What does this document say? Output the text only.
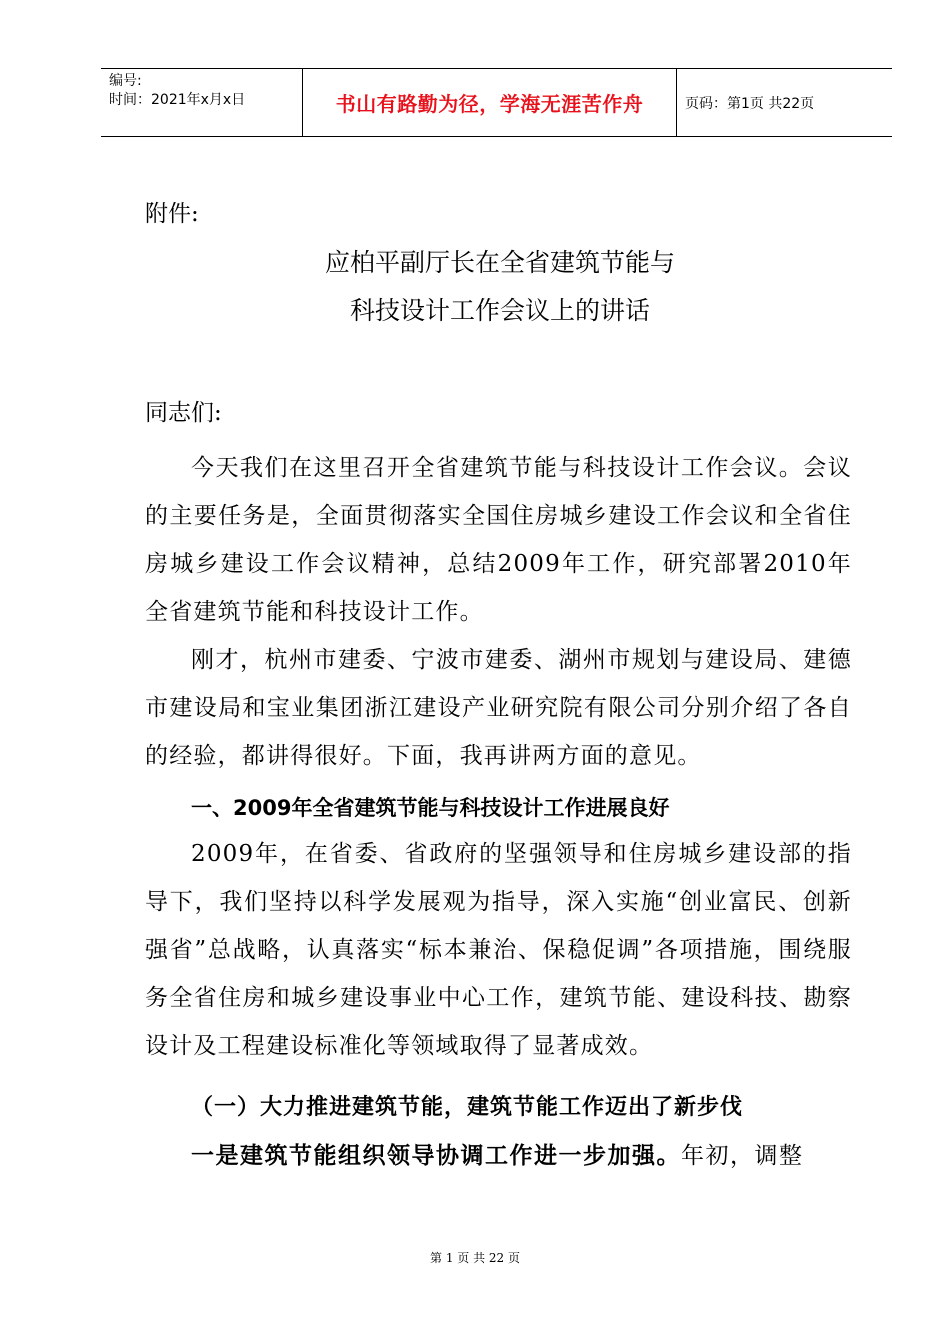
编号:
时间：2021年x月x日	书山有路勤为径，学海无涯苦作舟	页码：第1页 共22页
附件:
应柏平副厅长在全省建筑节能与
科技设计工作会议上的讲话
同志们:
今天我们在这里召开全省建筑节能与科技设计工作会议。会议的主要任务是，全面贯彻落实全国住房城乡建设工作会议和全省住房城乡建设工作会议精神，总结2009年工作，研究部署2010年全省建筑节能和科技设计工作。
刚才，杭州市建委、宁波市建委、湖州市规划与建设局、建德市建设局和宝业集团浙江建设产业研究院有限公司分别介绍了各自的经验，都讲得很好。下面，我再讲两方面的意见。
一、2009年全省建筑节能与科技设计工作进展良好
2009年，在省委、省政府的坚强领导和住房城乡建设部的指导下，我们坚持以科学发展观为指导，深入实施“创业富民、创新强省”总战略，认真落实“标本兼治、保稳促调”各项措施，围绕服务全省住房和城乡建设事业中心工作，建筑节能、建设科技、勘察设计及工程建设标准化等领域取得了显著成效。
（一）大力推进建筑节能，建筑节能工作迈出了新步伐
一是建筑节能组织领导协调工作进一步加强。年初，调整
第 1 页 共 22 页
